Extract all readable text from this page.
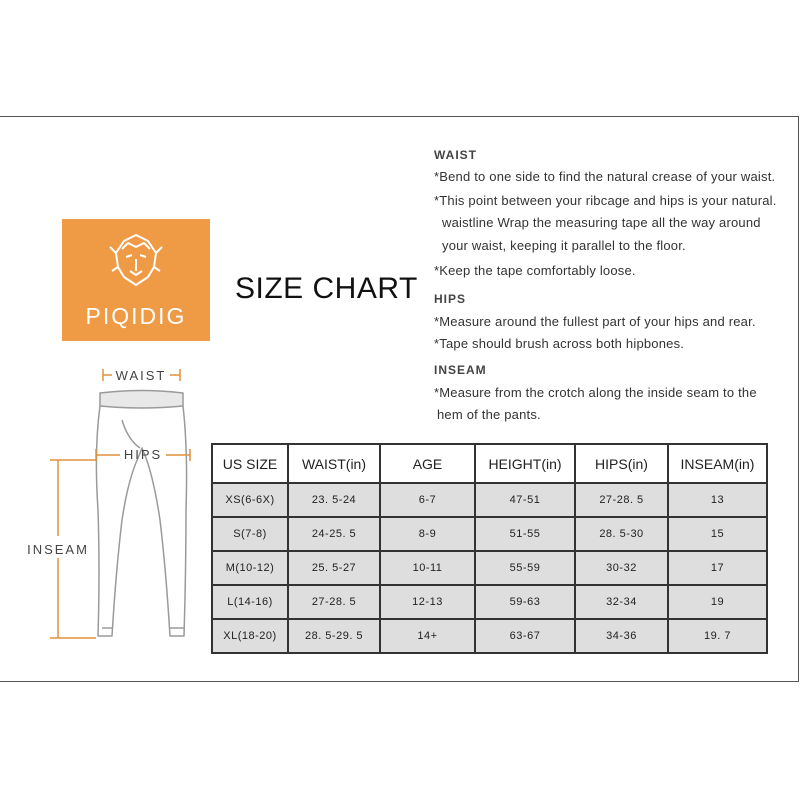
PIQIDIG
SIZE CHART
WAIST
*Bend to one side to find the natural crease of your waist.
*This point between your ribcage and hips is your natural.
waistline Wrap the measuring tape all the way around
your waist, keeping it parallel to the floor.
*Keep the tape comfortably loose.
HIPS
*Measure around the fullest part of your hips and rear.
*Tape should brush across both hipbones.
INSEAM
*Measure from the crotch along the inside seam to the
hem of the pants.
WAIST
HIPS
INSEAM
US SIZE	WAIST(in)	AGE	HEIGHT(in)	HIPS(in)	INSEAM(in)
XS(6-6X)	23. 5-24	6-7	47-51	27-28. 5	13
S(7-8)	24-25. 5	8-9	51-55	28. 5-30	15
M(10-12)	25. 5-27	10-11	55-59	30-32	17
L(14-16)	27-28. 5	12-13	59-63	32-34	19
XL(18-20)	28. 5-29. 5	14+	63-67	34-36	19. 7
